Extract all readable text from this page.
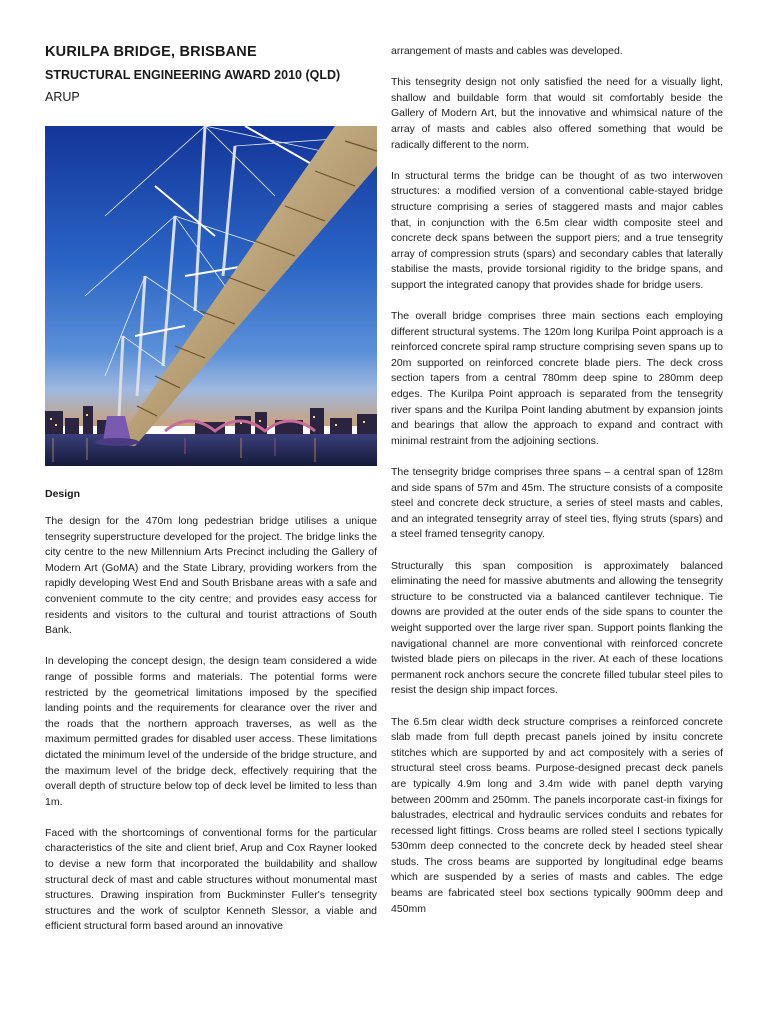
KURILPA BRIDGE, BRISBANE
STRUCTURAL ENGINEERING AWARD 2010 (QLD)
ARUP
Design

The design for the 470m long pedestrian bridge utilises a unique tensegrity superstructure developed for the project. The bridge links the city centre to the new Millennium Arts Precinct including the Gallery of Modern Art (GoMA) and the State Library, providing workers from the rapidly developing West End and South Brisbane areas with a safe and convenient commute to the city centre; and provides easy access for residents and visitors to the cultural and tourist attractions of South Bank.

In developing the concept design, the design team considered a wide range of possible forms and materials. The potential forms were restricted by the geometrical limitations imposed by the specified landing points and the requirements for clearance over the river and the roads that the northern approach traverses, as well as the maximum permitted grades for disabled user access. These limitations dictated the minimum level of the underside of the bridge structure, and the maximum level of the bridge deck, effectively requiring that the overall depth of structure below top of deck level be limited to less than 1m.

Faced with the shortcomings of conventional forms for the particular characteristics of the site and client brief, Arup and Cox Rayner looked to devise a new form that incorporated the buildability and shallow structural deck of mast and cable structures without monumental mast structures. Drawing inspiration from Buckminster Fuller's tensegrity structures and the work of sculptor Kenneth Slessor, a viable and efficient structural form based around an innovative

arrangement of masts and cables was developed.

This tensegrity design not only satisfied the need for a visually light, shallow and buildable form that would sit comfortably beside the Gallery of Modern Art, but the innovative and whimsical nature of the array of masts and cables also offered something that would be radically different to the norm.

In structural terms the bridge can be thought of as two interwoven structures: a modified version of a conventional cable-stayed bridge structure comprising a series of staggered masts and major cables that, in conjunction with the 6.5m clear width composite steel and concrete deck spans between the support piers; and a true tensegrity array of compression struts (spars) and secondary cables that laterally stabilise the masts, provide torsional rigidity to the bridge spans, and support the integrated canopy that provides shade for bridge users.

The overall bridge comprises three main sections each employing different structural systems. The 120m long Kurilpa Point approach is a reinforced concrete spiral ramp structure comprising seven spans up to 20m supported on reinforced concrete blade piers. The deck cross section tapers from a central 780mm deep spine to 280mm deep edges. The Kurilpa Point approach is separated from the tensegrity river spans and the Kurilpa Point landing abutment by expansion joints and bearings that allow the approach to expand and contract with minimal restraint from the adjoining sections.

The tensegrity bridge comprises three spans – a central span of 128m and side spans of 57m and 45m. The structure consists of a composite steel and concrete deck structure, a series of steel masts and cables, and an integrated tensegrity array of steel ties, flying struts (spars) and a steel framed tensegrity canopy.

Structurally this span composition is approximately balanced eliminating the need for massive abutments and allowing the tensegrity structure to be constructed via a balanced cantilever technique. Tie downs are provided at the outer ends of the side spans to counter the weight supported over the large river span. Support points flanking the navigational channel are more conventional with reinforced concrete twisted blade piers on pilecaps in the river. At each of these locations permanent rock anchors secure the concrete filled tubular steel piles to resist the design ship impact forces.

The 6.5m clear width deck structure comprises a reinforced concrete slab made from full depth precast panels joined by insitu concrete stitches which are supported by and act compositely with a series of structural steel cross beams. Purpose-designed precast deck panels are typically 4.9m long and 3.4m wide with panel depth varying between 200mm and 250mm. The panels incorporate cast-in fixings for balustrades, electrical and hydraulic services conduits and rebates for recessed light fittings. Cross beams are rolled steel I sections typically 530mm deep connected to the concrete deck by headed steel shear studs. The cross beams are supported by longitudinal edge beams which are suspended by a series of masts and cables. The edge beams are fabricated steel box sections typically 900mm deep and 450mm
